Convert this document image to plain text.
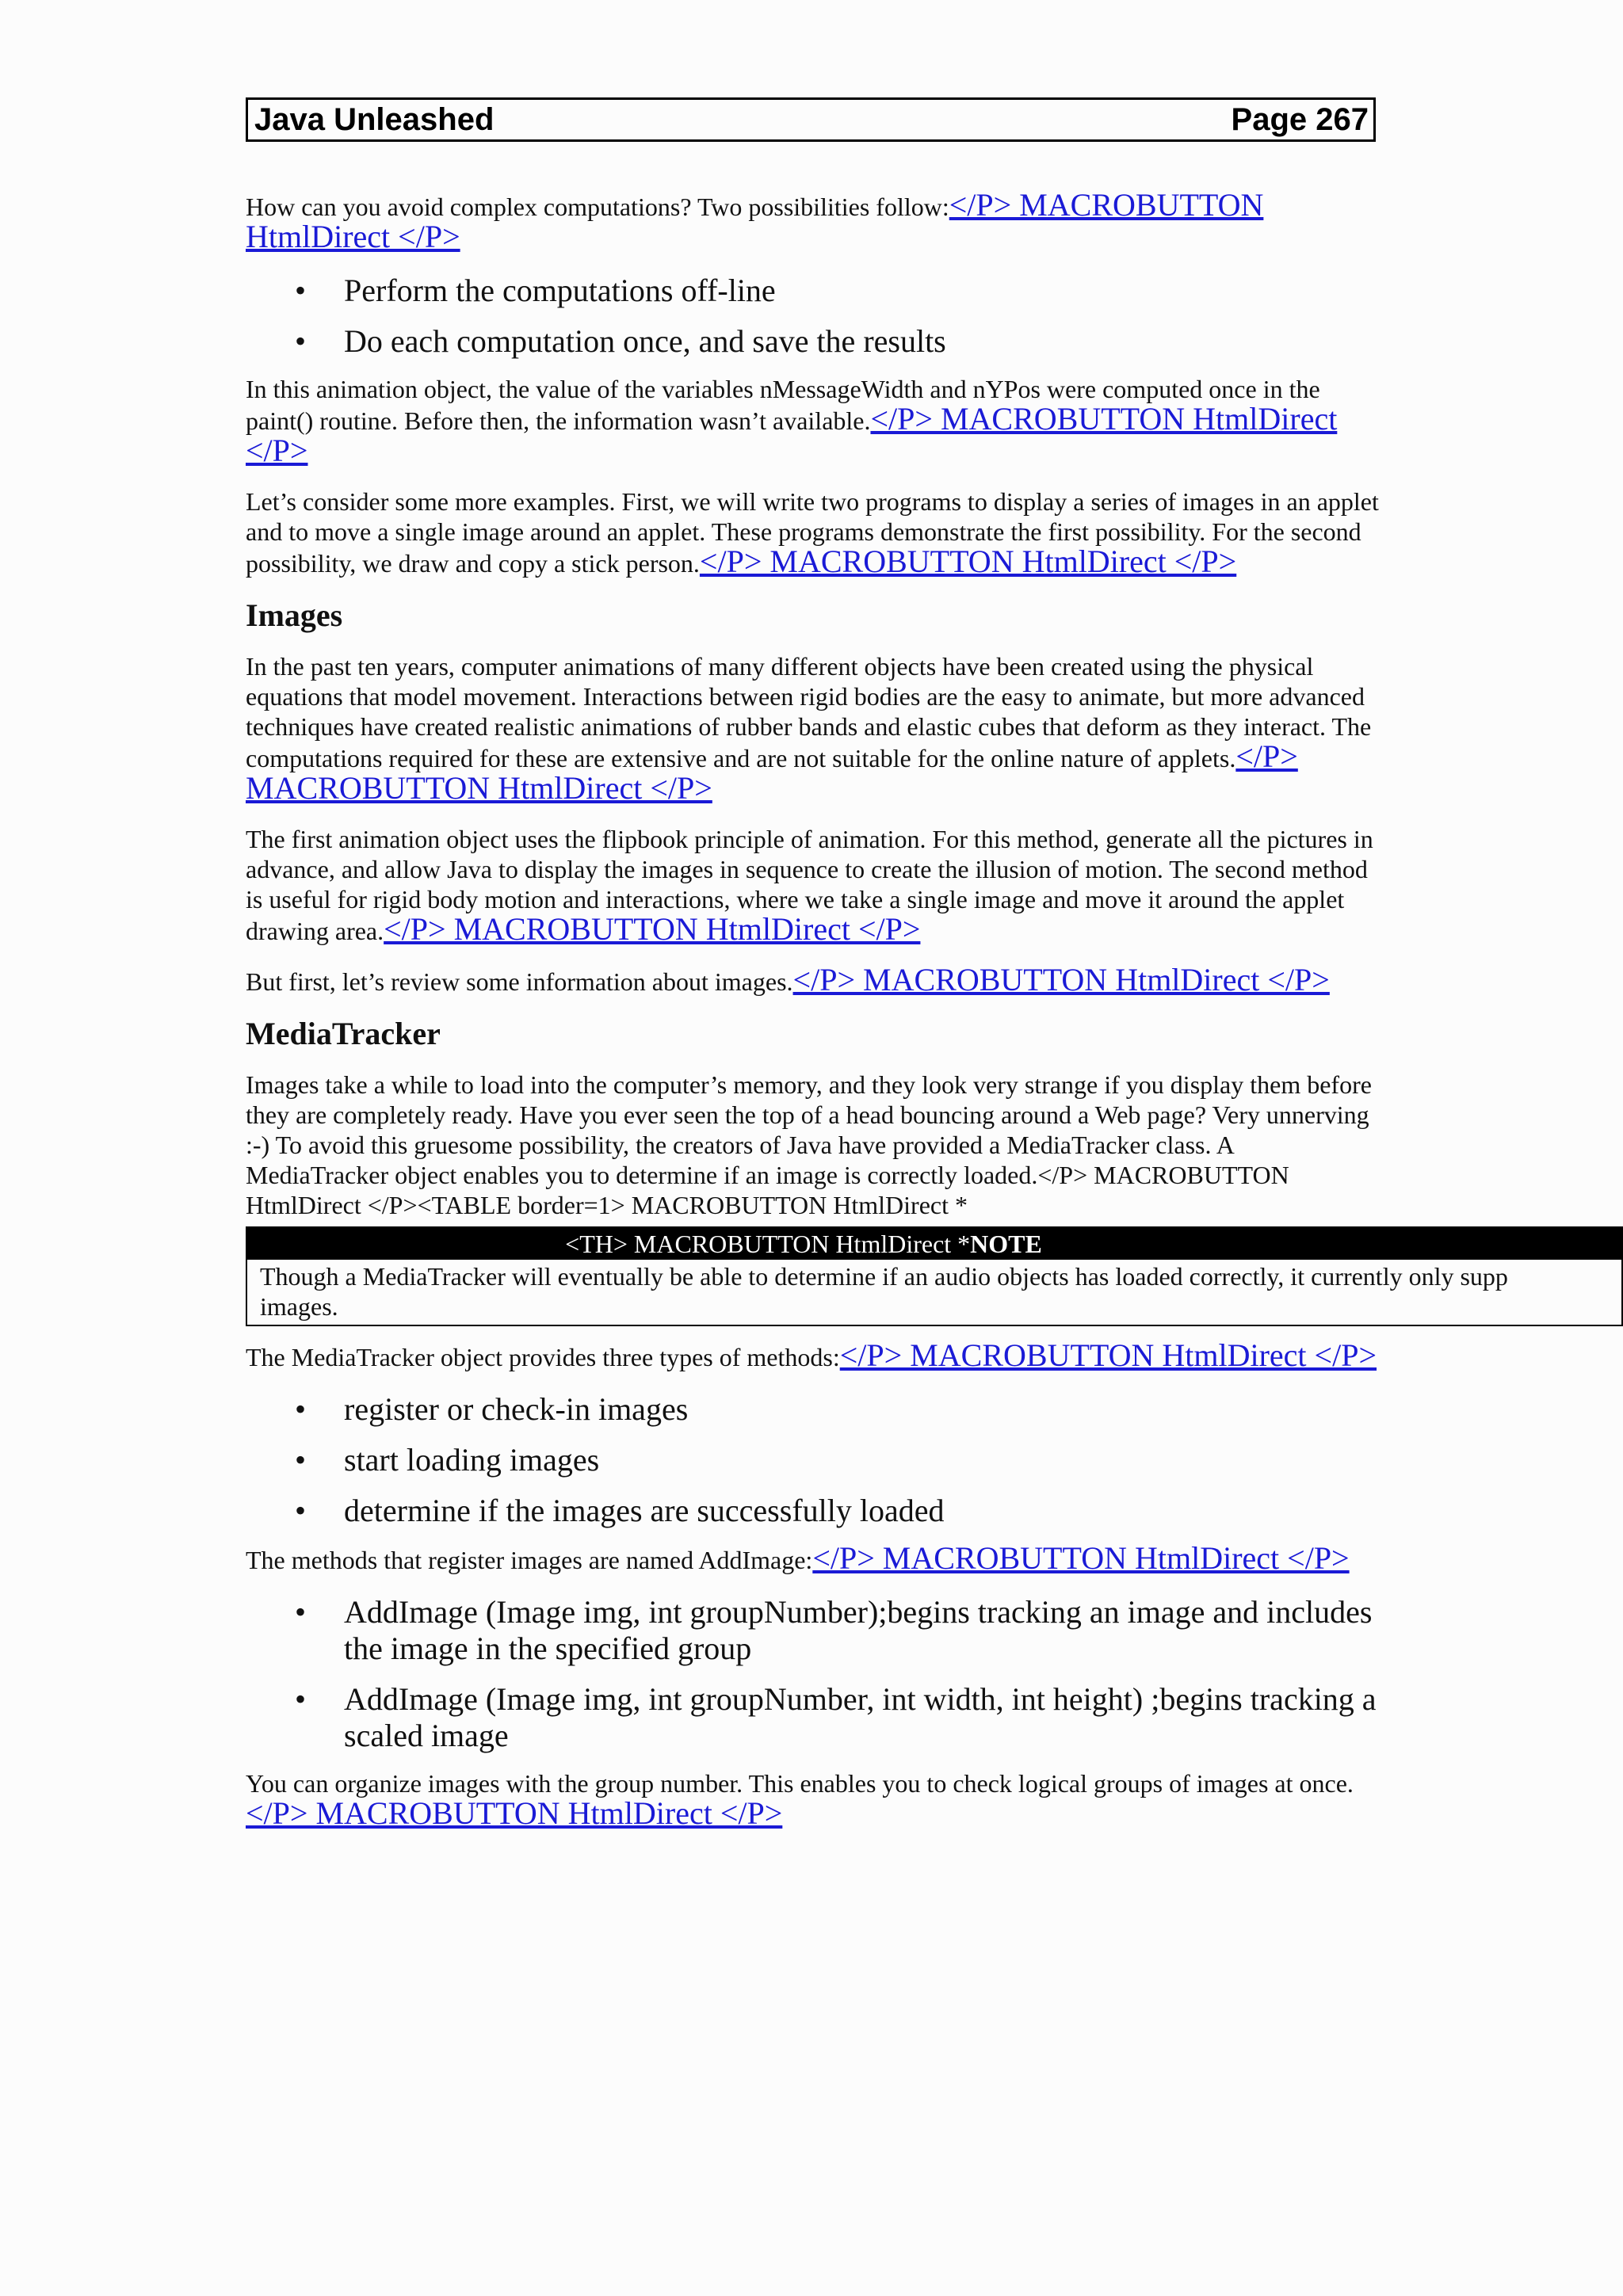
Java Unleashed	Page 267

How can you avoid complex computations? Two possibilities follow:</P> MACROBUTTON HtmlDirect </P>

• Perform the computations off-line
• Do each computation once, and save the results

In this animation object, the value of the variables nMessageWidth and nYPos were computed once in the paint() routine. Before then, the information wasn’t available.</P> MACROBUTTON HtmlDirect </P>

Let’s consider some more examples. First, we will write two programs to display a series of images in an applet and to move a single image around an applet. These programs demonstrate the first possibility. For the second possibility, we draw and copy a stick person.</P> MACROBUTTON HtmlDirect </P>

Images

In the past ten years, computer animations of many different objects have been created using the physical equations that model movement. Interactions between rigid bodies are the easy to animate, but more advanced techniques have created realistic animations of rubber bands and elastic cubes that deform as they interact. The computations required for these are extensive and are not suitable for the online nature of applets.</P> MACROBUTTON HtmlDirect </P>

The first animation object uses the flipbook principle of animation. For this method, generate all the pictures in advance, and allow Java to display the images in sequence to create the illusion of motion. The second method is useful for rigid body motion and interactions, where we take a single image and move it around the applet drawing area.</P> MACROBUTTON HtmlDirect </P>

But first, let’s review some information about images.</P> MACROBUTTON HtmlDirect </P>

MediaTracker

Images take a while to load into the computer’s memory, and they look very strange if you display them before they are completely ready. Have you ever seen the top of a head bouncing around a Web page? Very unnerving :-) To avoid this gruesome possibility, the creators of Java have provided a MediaTracker class. A MediaTracker object enables you to determine if an image is correctly loaded.</P> MACROBUTTON HtmlDirect </P><TABLE border=1> MACROBUTTON HtmlDirect *

<TH> MACROBUTTON HtmlDirect *NOTE
Though a MediaTracker will eventually be able to determine if an audio objects has loaded correctly, it currently only supp
images.

The MediaTracker object provides three types of methods:</P> MACROBUTTON HtmlDirect </P>

• register or check-in images
• start loading images
• determine if the images are successfully loaded

The methods that register images are named AddImage:</P> MACROBUTTON HtmlDirect </P>

• AddImage (Image img, int groupNumber);begins tracking an image and includes the image in the specified group
• AddImage (Image img, int groupNumber, int width, int height) ;begins tracking a scaled image

You can organize images with the group number. This enables you to check logical groups of images at once.</P> MACROBUTTON HtmlDirect </P>
